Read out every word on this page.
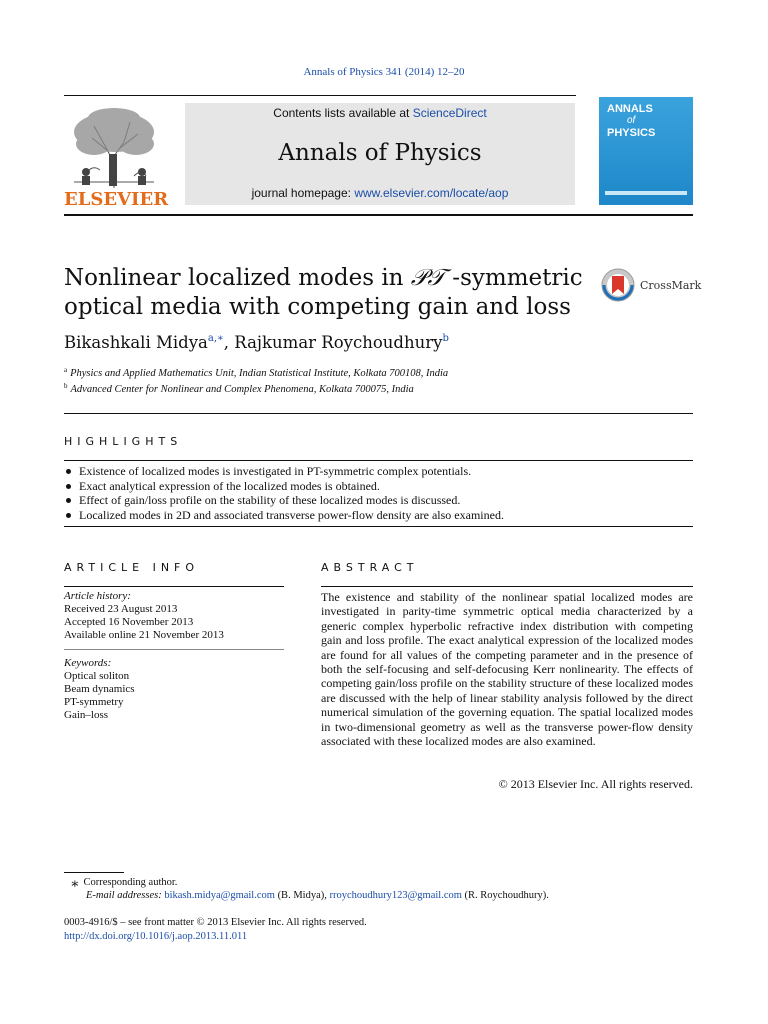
Annals of Physics 341 (2014) 12–20
Contents lists available at ScienceDirect
Annals of Physics
journal homepage: www.elsevier.com/locate/aop
ELSEVIER
ANNALS
of
PHYSICS
Nonlinear localized modes in 𝒫𝒯 -symmetric optical media with competing gain and loss
CrossMark
Bikashkali Midya$^{a,∗}$, Rajkumar Roychoudhury$^b$
$^a$ Physics and Applied Mathematics Unit, Indian Statistical Institute, Kolkata 700108, India
$^b$ Advanced Center for Nonlinear and Complex Phenomena, Kolkata 700075, India
HIGHLIGHTS
Existence of localized modes is investigated in PT-symmetric complex potentials.
Exact analytical expression of the localized modes is obtained.
Effect of gain/loss profile on the stability of these localized modes is discussed.
Localized modes in 2D and associated transverse power-flow density are also examined.
ARTICLE INFO
Article history:
Received 23 August 2013
Accepted 16 November 2013
Available online 21 November 2013
Keywords:
Optical soliton
Beam dynamics
PT-symmetry
Gain–loss
ABSTRACT
The existence and stability of the nonlinear spatial localized modes are investigated in parity-time symmetric optical media characterized by a generic complex hyperbolic refractive index distribution with competing gain and loss profile. The exact analytical expression of the localized modes are found for all values of the competing parameter and in the presence of both the self-focusing and self-defocusing Kerr nonlinearity. The effects of competing gain/loss profile on the stability structure of these localized modes are discussed with the help of linear stability analysis followed by the direct numerical simulation of the governing equation. The spatial localized modes in two-dimensional geometry as well as the transverse power-flow density associated with these localized modes are also examined.
© 2013 Elsevier Inc. All rights reserved.
∗ Corresponding author.
E-mail addresses: bikash.midya@gmail.com (B. Midya), rroychoudhury123@gmail.com (R. Roychoudhury).
0003-4916/$ – see front matter © 2013 Elsevier Inc. All rights reserved.
http://dx.doi.org/10.1016/j.aop.2013.11.011
